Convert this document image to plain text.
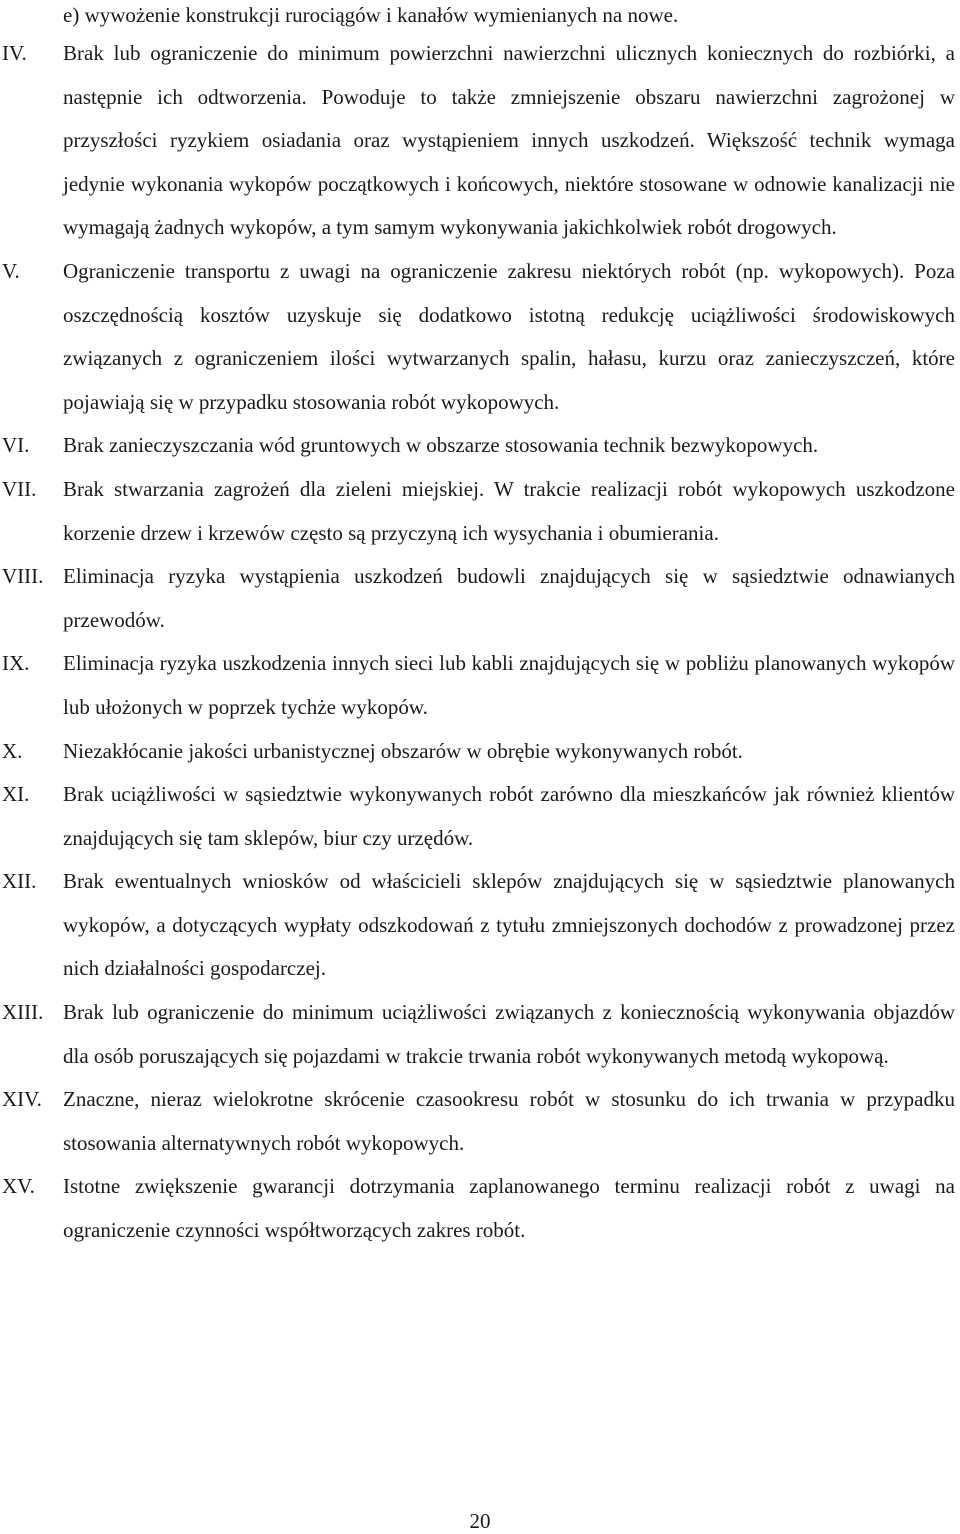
e) wywożenie konstrukcji rurociągów i kanałów wymienianych na nowe.
IV. Brak lub ograniczenie do minimum powierzchni nawierzchni ulicznych koniecznych do rozbiórki, a następnie ich odtworzenia. Powoduje to także zmniejszenie obszaru nawierzchni zagrożonej w przyszłości ryzykiem osiadania oraz wystąpieniem innych uszkodzeń. Większość technik wymaga jedynie wykonania wykopów początkowych i końcowych, niektóre stosowane w odnowie kanalizacji nie wymagają żadnych wykopów, a tym samym wykonywania jakichkolwiek robót drogowych.
V. Ograniczenie transportu z uwagi na ograniczenie zakresu niektórych robót (np. wykopowych). Poza oszczędnością kosztów uzyskuje się dodatkowo istotną redukcję uciążliwości środowiskowych związanych z ograniczeniem ilości wytwarzanych spalin, hałasu, kurzu oraz zanieczyszczeń, które pojawiają się w przypadku stosowania robót wykopowych.
VI. Brak zanieczyszczania wód gruntowych w obszarze stosowania technik bezwykopowych.
VII. Brak stwarzania zagrożeń dla zieleni miejskiej. W trakcie realizacji robót wykopowych uszkodzone korzenie drzew i krzewów często są przyczyną ich wysychania i obumierania.
VIII. Eliminacja ryzyka wystąpienia uszkodzeń budowli znajdujących się w sąsiedztwie odnawianych przewodów.
IX. Eliminacja ryzyka uszkodzenia innych sieci lub kabli znajdujących się w pobliżu planowanych wykopów lub ułożonych w poprzek tychże wykopów.
X. Niezakłócanie jakości urbanistycznej obszarów w obrębie wykonywanych robót.
XI. Brak uciążliwości w sąsiedztwie wykonywanych robót zarówno dla mieszkańców jak również klientów znajdujących się tam sklepów, biur czy urzędów.
XII. Brak ewentualnych wniosków od właścicieli sklepów znajdujących się w sąsiedztwie planowanych wykopów, a dotyczących wypłaty odszkodowań z tytułu zmniejszonych dochodów z prowadzonej przez nich działalności gospodarczej.
XIII. Brak lub ograniczenie do minimum uciążliwości związanych z koniecznością wykonywania objazdów dla osób poruszających się pojazdami w trakcie trwania robót wykonywanych metodą wykopową.
XIV. Znaczne, nieraz wielokrotne skrócenie czasookresu robót w stosunku do ich trwania w przypadku stosowania alternatywnych robót wykopowych.
XV. Istotne zwiększenie gwarancji dotrzymania zaplanowanego terminu realizacji robót z uwagi na ograniczenie czynności współtworzących zakres robót.
20
